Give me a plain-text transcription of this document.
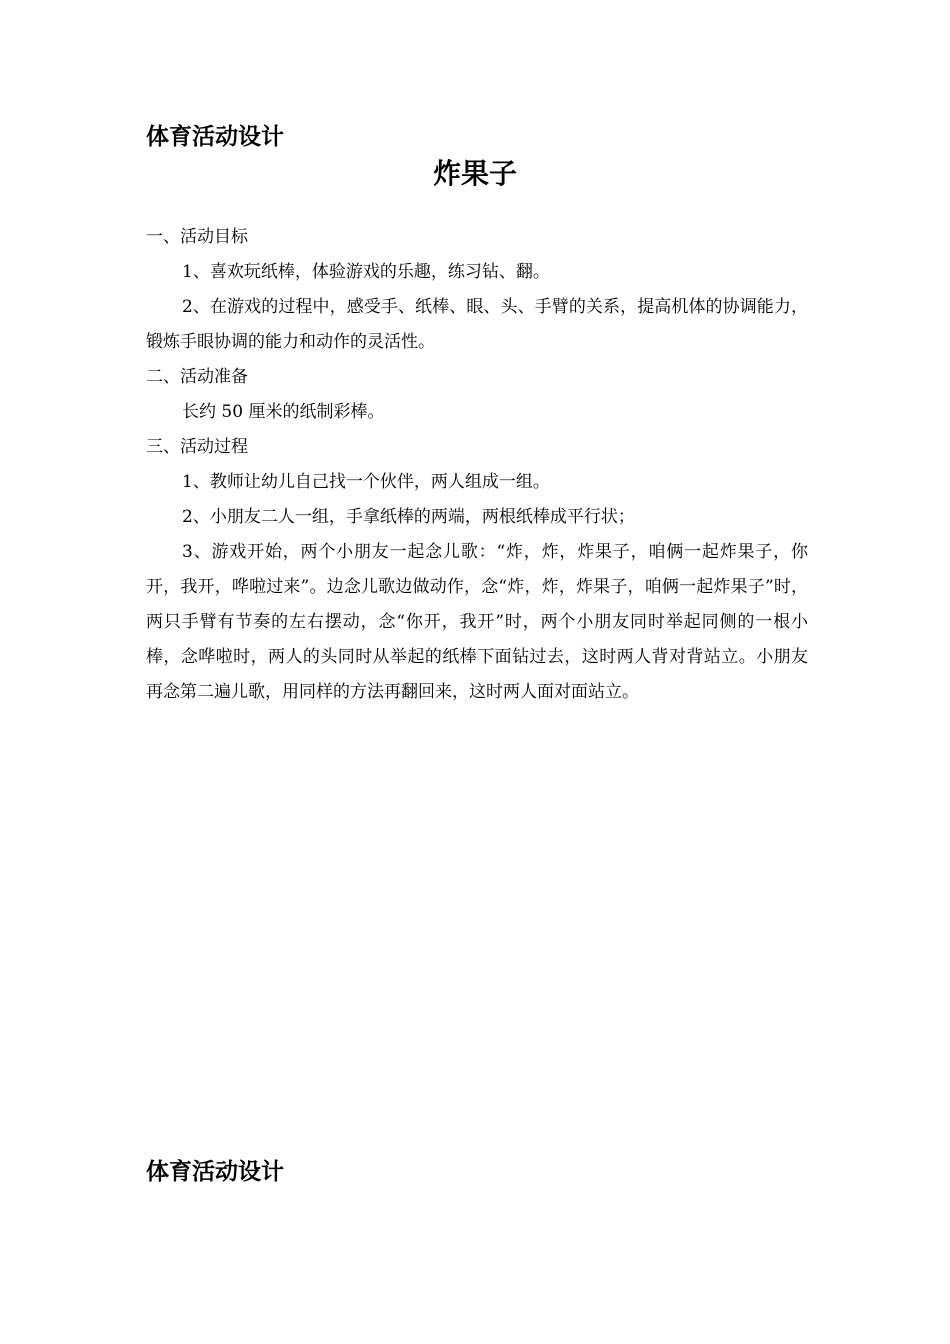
体育活动设计
炸果子

一、活动目标

1、喜欢玩纸棒，体验游戏的乐趣，练习钻、翻。

2、在游戏的过程中，感受手、纸棒、眼、头、手臂的关系，提高机体的协调能力，锻炼手眼协调的能力和动作的灵活性。

二、活动准备

长约 50 厘米的纸制彩棒。

三、活动过程

1、教师让幼儿自己找一个伙伴，两人组成一组。

2、小朋友二人一组，手拿纸棒的两端，两根纸棒成平行状；

3、游戏开始，两个小朋友一起念儿歌：“炸，炸，炸果子，咱俩一起炸果子，你开，我开，哗啦过来”。边念儿歌边做动作，念“炸，炸，炸果子，咱俩一起炸果子”时，两只手臂有节奏的左右摆动，念“你开，我开”时，两个小朋友同时举起同侧的一根小棒，念哗啦时，两人的头同时从举起的纸棒下面钻过去，这时两人背对背站立。小朋友再念第二遍儿歌，用同样的方法再翻回来，这时两人面对面站立。

体育活动设计
